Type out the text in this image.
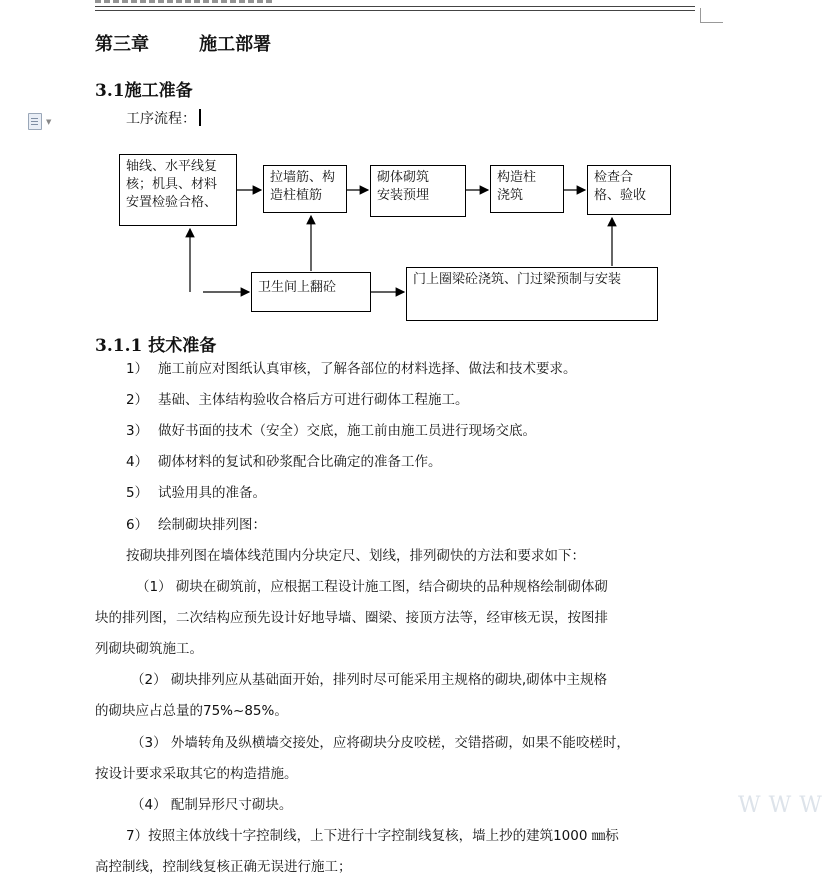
▼
第三章        施工部署
3.1施工准备
工序流程：
轴线、水平线复
核；机具、材料
安置检验合格、
拉墙筋、构
造柱植筋
砌体砌筑
安装预埋
构造柱
浇筑
检查合
格、验收
卫生间上翻砼
门上圈梁砼浇筑、门过梁预制与安装
3.1.1 技术准备
1） 施工前应对图纸认真审核，了解各部位的材料选择、做法和技术要求。
2） 基础、主体结构验收合格后方可进行砌体工程施工。
3） 做好书面的技术（安全）交底，施工前由施工员进行现场交底。
4） 砌体材料的复试和砂浆配合比确定的准备工作。
5） 试验用具的准备。
6） 绘制砌块排列图：
按砌块排列图在墙体线范围内分块定尺、划线，排列砌快的方法和要求如下：
（1） 砌块在砌筑前，应根据工程设计施工图，结合砌块的品种规格绘制砌体砌
块的排列图，二次结构应预先设计好地导墙、圈梁、接顶方法等，经审核无误，按图排
列砌块砌筑施工。
（2） 砌块排列应从基础面开始，排列时尽可能采用主规格的砌块,砌体中主规格
的砌块应占总量的75%~85%。
（3） 外墙转角及纵横墙交接处，应将砌块分皮咬槎，交错搭砌，如果不能咬槎时，
按设计要求采取其它的构造措施。
（4） 配制异形尺寸砌块。
7）按照主体放线十字控制线，上下进行十字控制线复核，墙上抄的建筑1000 ㎜标
高控制线，控制线复核正确无误进行施工；
WWW
